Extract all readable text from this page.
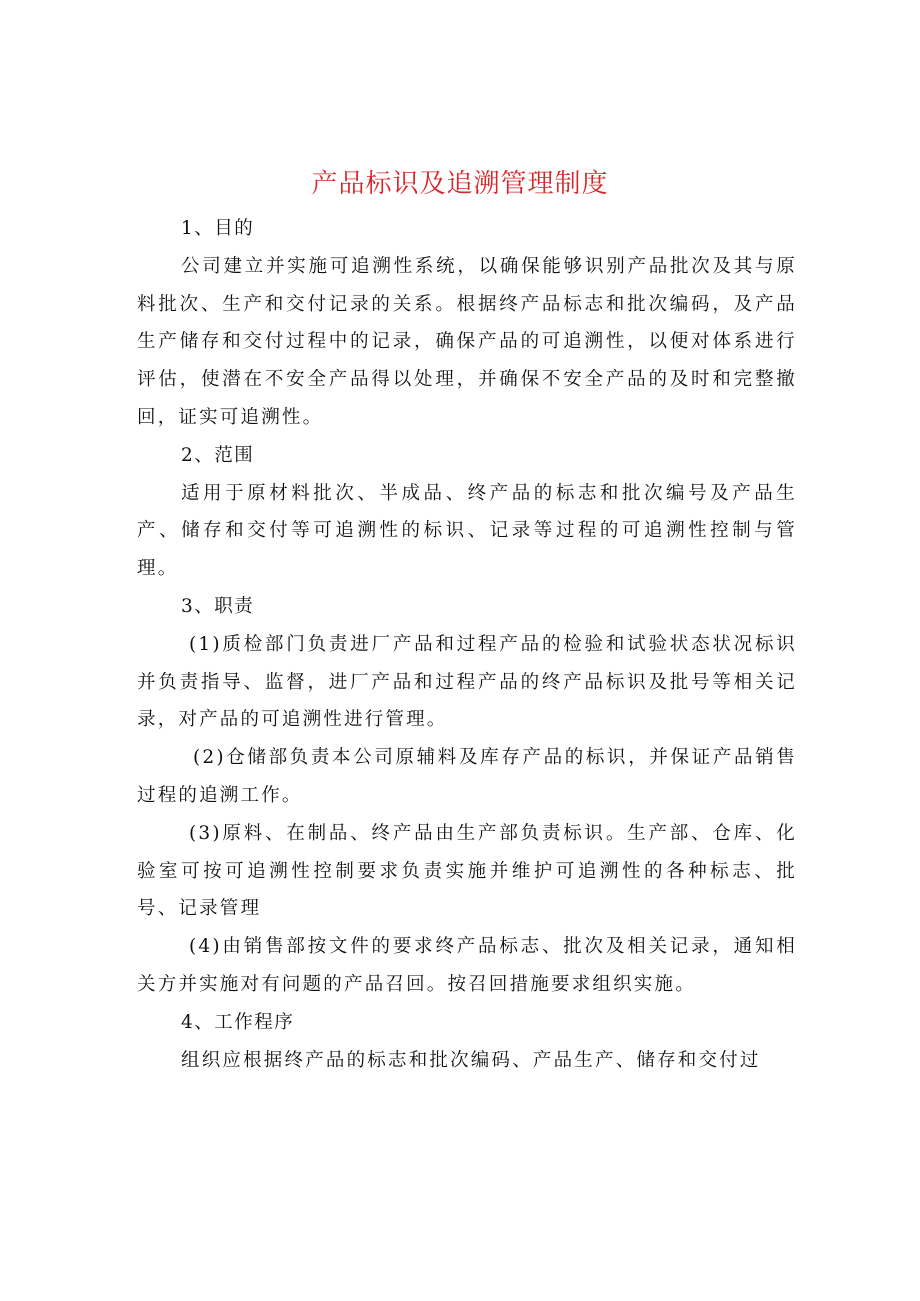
产品标识及追溯管理制度

1、目的

公司建立并实施可追溯性系统，以确保能够识别产品批次及其与原料批次、生产和交付记录的关系。根据终产品标志和批次编码，及产品生产储存和交付过程中的记录，确保产品的可追溯性，以便对体系进行评估，使潜在不安全产品得以处理，并确保不安全产品的及时和完整撤回，证实可追溯性。

2、范围

适用于原材料批次、半成品、终产品的标志和批次编号及产品生产、储存和交付等可追溯性的标识、记录等过程的可追溯性控制与管理。

3、职责

(1)质检部门负责进厂产品和过程产品的检验和试验状态状况标识并负责指导、监督，进厂产品和过程产品的终产品标识及批号等相关记录，对产品的可追溯性进行管理。

(2)仓储部负责本公司原辅料及库存产品的标识，并保证产品销售过程的追溯工作。

(3)原料、在制品、终产品由生产部负责标识。生产部、仓库、化验室可按可追溯性控制要求负责实施并维护可追溯性的各种标志、批号、记录管理

(4)由销售部按文件的要求终产品标志、批次及相关记录，通知相关方并实施对有问题的产品召回。按召回措施要求组织实施。

4、工作程序

组织应根据终产品的标志和批次编码、产品生产、储存和交付过
